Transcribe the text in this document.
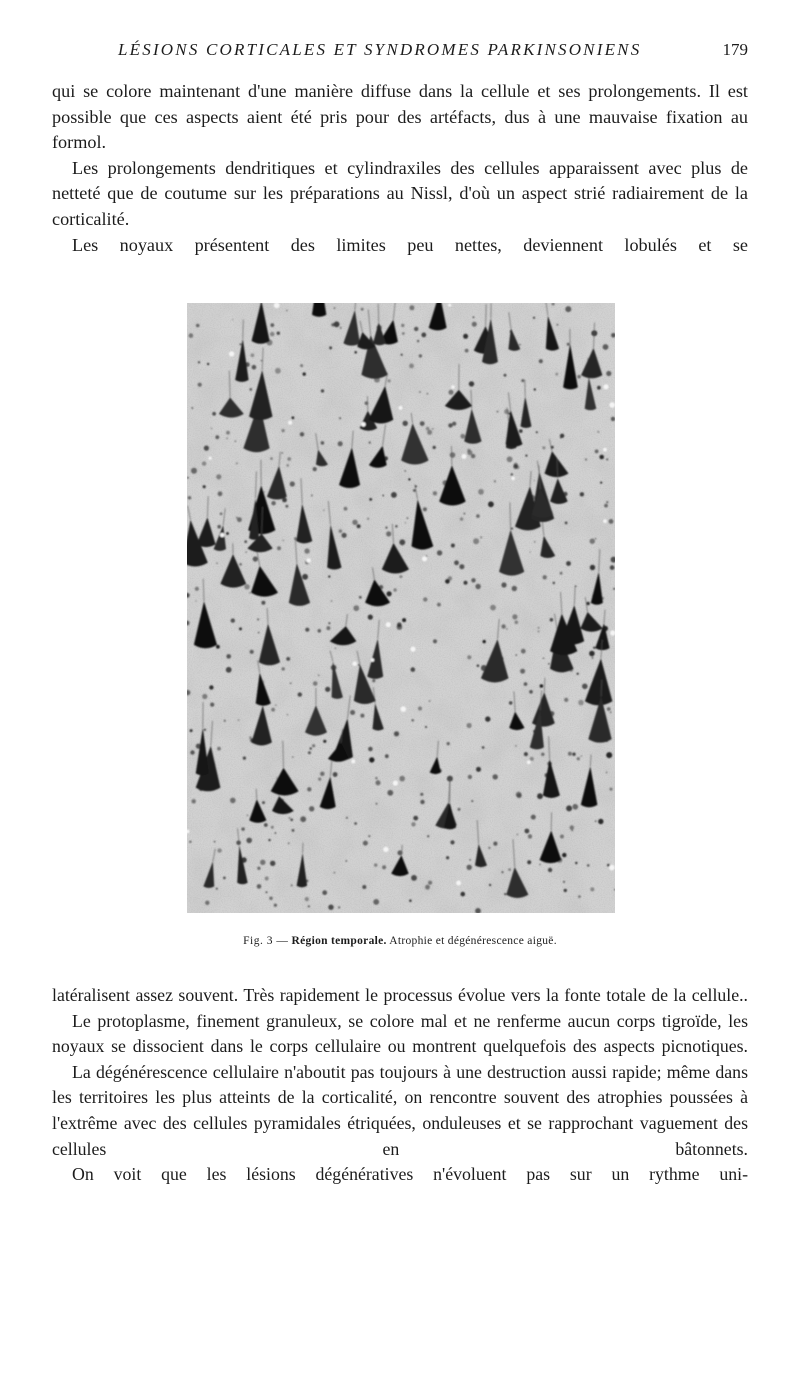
LÉSIONS CORTICALES ET SYNDROMES PARKINSONIENS	179

qui se colore maintenant d'une manière diffuse dans la cellule et ses prolongements. Il est possible que ces aspects aient été pris pour des artéfacts, dus à une mauvaise fixation au formol.

Les prolongements dendritiques et cylindraxiles des cellules apparaissent avec plus de netteté que de coutume sur les préparations au Nissl, d'où un aspect strié radiairement de la corticalité.

Les noyaux présentent des limites peu nettes, deviennent lobulés et se

Fig. 3 — Région temporale. Atrophie et dégénérescence aiguë.

latéralisent assez souvent. Très rapidement le processus évolue vers la fonte totale de la cellule..

Le protoplasme, finement granuleux, se colore mal et ne renferme aucun corps tigroïde, les noyaux se dissocient dans le corps cellulaire ou montrent quelquefois des aspects picnotiques.

La dégénérescence cellulaire n'aboutit pas toujours à une destruction aussi rapide; même dans les territoires les plus atteints de la corticalité, on rencontre souvent des atrophies poussées à l'extrême avec des cellules pyramidales étriquées, onduleuses et se rapprochant vaguement des cellules en bâtonnets.

On voit que les lésions dégénératives n'évoluent pas sur un rythme uni-
